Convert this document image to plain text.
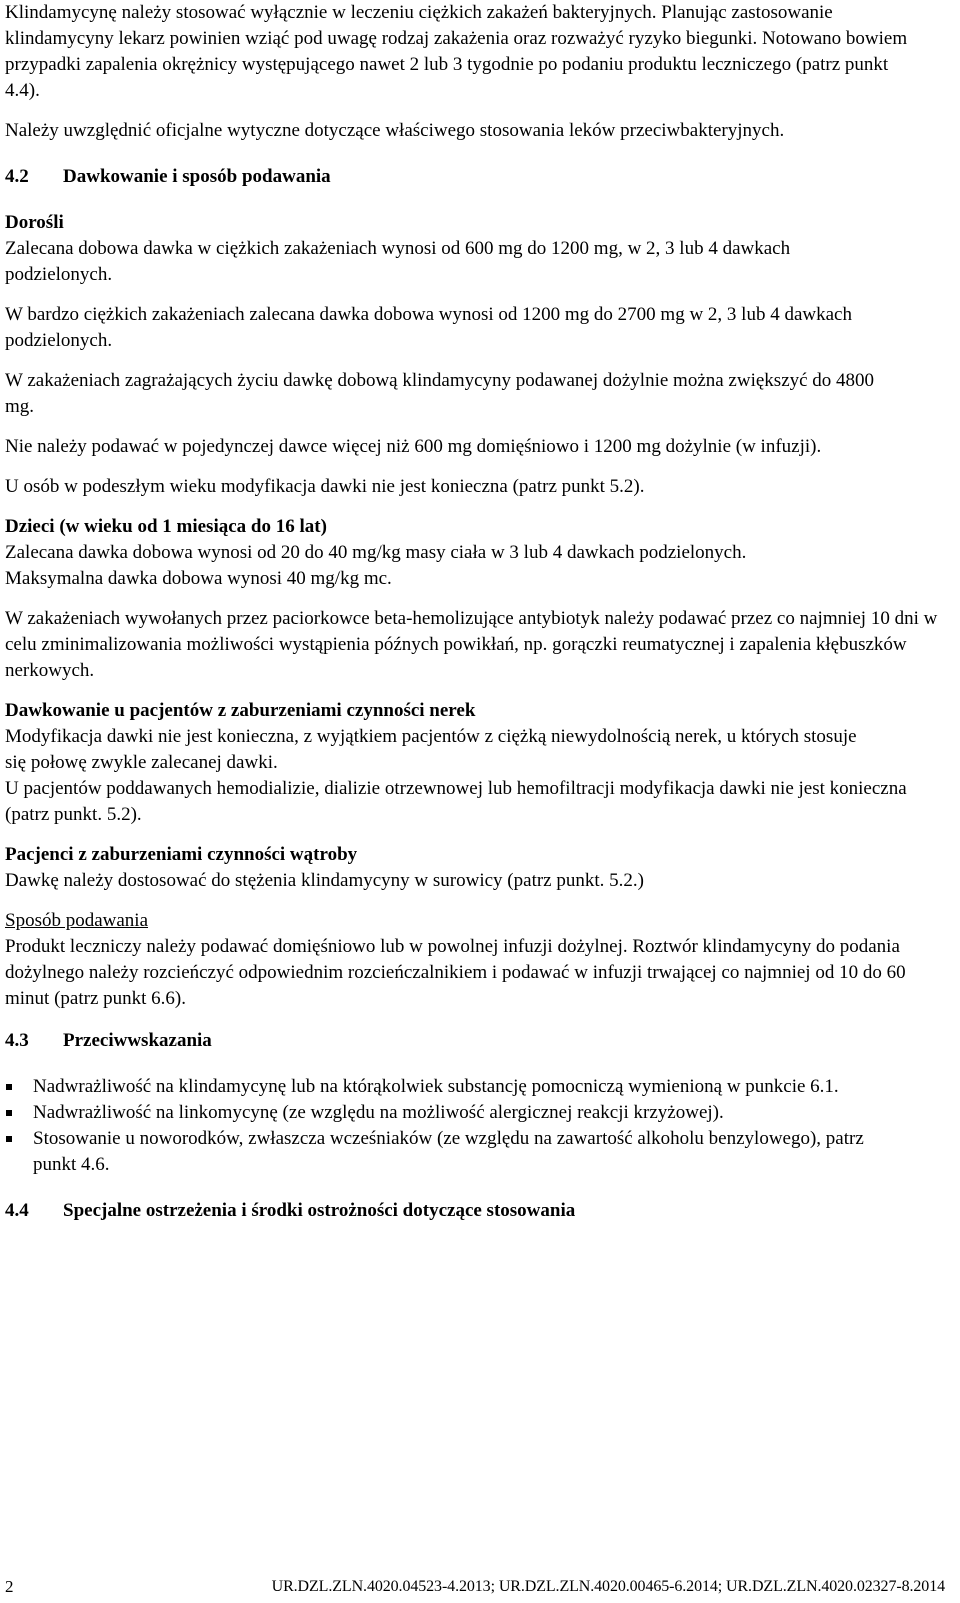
Klindamycynę należy stosować wyłącznie w leczeniu ciężkich zakażeń bakteryjnych. Planując zastosowanie klindamycyny lekarz powinien wziąć pod uwagę rodzaj zakażenia oraz rozważyć ryzyko biegunki. Notowano bowiem przypadki zapalenia okrężnicy występującego nawet 2 lub 3 tygodnie po podaniu produktu leczniczego (patrz punkt 4.4).

Należy uwzględnić oficjalne wytyczne dotyczące właściwego stosowania leków przeciwbakteryjnych.

4.2	Dawkowanie i sposób podawania

Dorośli

Zalecana dobowa dawka w ciężkich zakażeniach wynosi od 600 mg do 1200 mg, w 2, 3 lub 4 dawkach podzielonych.

W bardzo ciężkich zakażeniach zalecana dawka dobowa wynosi od 1200 mg do 2700 mg w 2, 3 lub 4 dawkach podzielonych.

W zakażeniach zagrażających życiu dawkę dobową klindamycyny podawanej dożylnie można zwiększyć do 4800 mg.

Nie należy podawać w pojedynczej dawce więcej niż 600 mg domięśniowo i 1200 mg dożylnie (w infuzji).

U osób w podeszłym wieku modyfikacja dawki nie jest konieczna (patrz punkt 5.2).

Dzieci (w wieku od 1 miesiąca do 16 lat)

Zalecana dawka dobowa wynosi od 20 do 40 mg/kg masy ciała w 3 lub 4 dawkach podzielonych.

Maksymalna dawka dobowa wynosi 40 mg/kg mc.

W zakażeniach wywołanych przez paciorkowce beta-hemolizujące antybiotyk należy podawać przez co najmniej 10 dni w celu zminimalizowania możliwości wystąpienia późnych powikłań, np. gorączki reumatycznej i zapalenia kłębuszków nerkowych.

Dawkowanie u pacjentów z zaburzeniami czynności nerek

Modyfikacja dawki nie jest konieczna, z wyjątkiem pacjentów z ciężką niewydolnością nerek, u których stosuje się połowę zwykle zalecanej dawki.

U pacjentów poddawanych hemodializie, dializie otrzewnowej lub hemofiltracji modyfikacja dawki nie jest konieczna (patrz punkt. 5.2).

Pacjenci z zaburzeniami czynności wątroby

Dawkę należy dostosować do stężenia klindamycyny w surowicy (patrz punkt. 5.2.)

Sposób podawania

Produkt leczniczy należy podawać domięśniowo lub w powolnej infuzji dożylnej. Roztwór klindamycyny do podania dożylnego należy rozcieńczyć odpowiednim rozcieńczalnikiem i podawać w infuzji trwającej co najmniej od 10 do 60 minut (patrz punkt 6.6).

4.3	Przeciwwskazania
Nadwrażliwość na klindamycynę lub na którąkolwiek substancję pomocniczą wymienioną w punkcie 6.1.
Nadwrażliwość na linkomycynę (ze względu na możliwość alergicznej reakcji krzyżowej).
Stosowanie u noworodków, zwłaszcza wcześniaków (ze względu na zawartość alkoholu benzylowego), patrz punkt 4.6.
4.4	Specjalne ostrzeżenia i środki ostrożności dotyczące stosowania
2	UR.DZL.ZLN.4020.04523-4.2013; UR.DZL.ZLN.4020.00465-6.2014; UR.DZL.ZLN.4020.02327-8.2014
